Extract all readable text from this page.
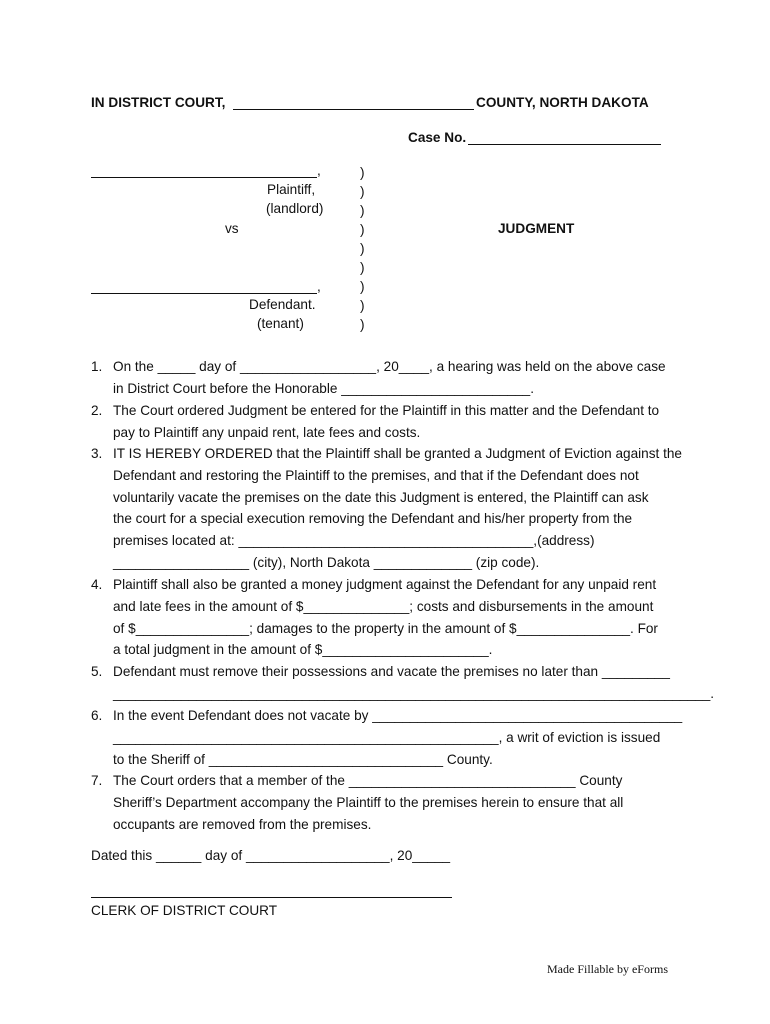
IN DISTRICT COURT,	COUNTY, NORTH DAKOTA
Case No.
,
Plaintiff,
(landlord)
vs
,
Defendant.
(tenant)
)
)
)
)
)
)
)
)
)
JUDGMENT
1. On the _____ day of __________________, 20____, a hearing was held on the above case
in District Court before the Honorable _________________________.
2. The Court ordered Judgment be entered for the Plaintiff in this matter and the Defendant to
pay to Plaintiff any unpaid rent, late fees and costs.
3. IT IS HEREBY ORDERED that the Plaintiff shall be granted a Judgment of Eviction against the
Defendant and restoring the Plaintiff to the premises, and that if the Defendant does not
voluntarily vacate the premises on the date this Judgment is entered, the Plaintiff can ask
the court for a special execution removing the Defendant and his/her property from the
premises located at: _______________________________________,(address)
__________________ (city), North Dakota _____________ (zip code).
4. Plaintiff shall also be granted a money judgment against the Defendant for any unpaid rent
and late fees in the amount of $______________; costs and disbursements in the amount
of $_______________; damages to the property in the amount of $_______________. For
a total judgment in the amount of $______________________.
5. Defendant must remove their possessions and vacate the premises no later than _________
_______________________________________________________________________________.
6. In the event Defendant does not vacate by _________________________________________
___________________________________________________, a writ of eviction is issued
to the Sheriff of _______________________________ County.
7. The Court orders that a member of the ______________________________ County
Sheriff’s Department accompany the Plaintiff to the premises herein to ensure that all
occupants are removed from the premises.
Dated this ______ day of ___________________, 20_____
CLERK OF DISTRICT COURT
Made Fillable by eForms
